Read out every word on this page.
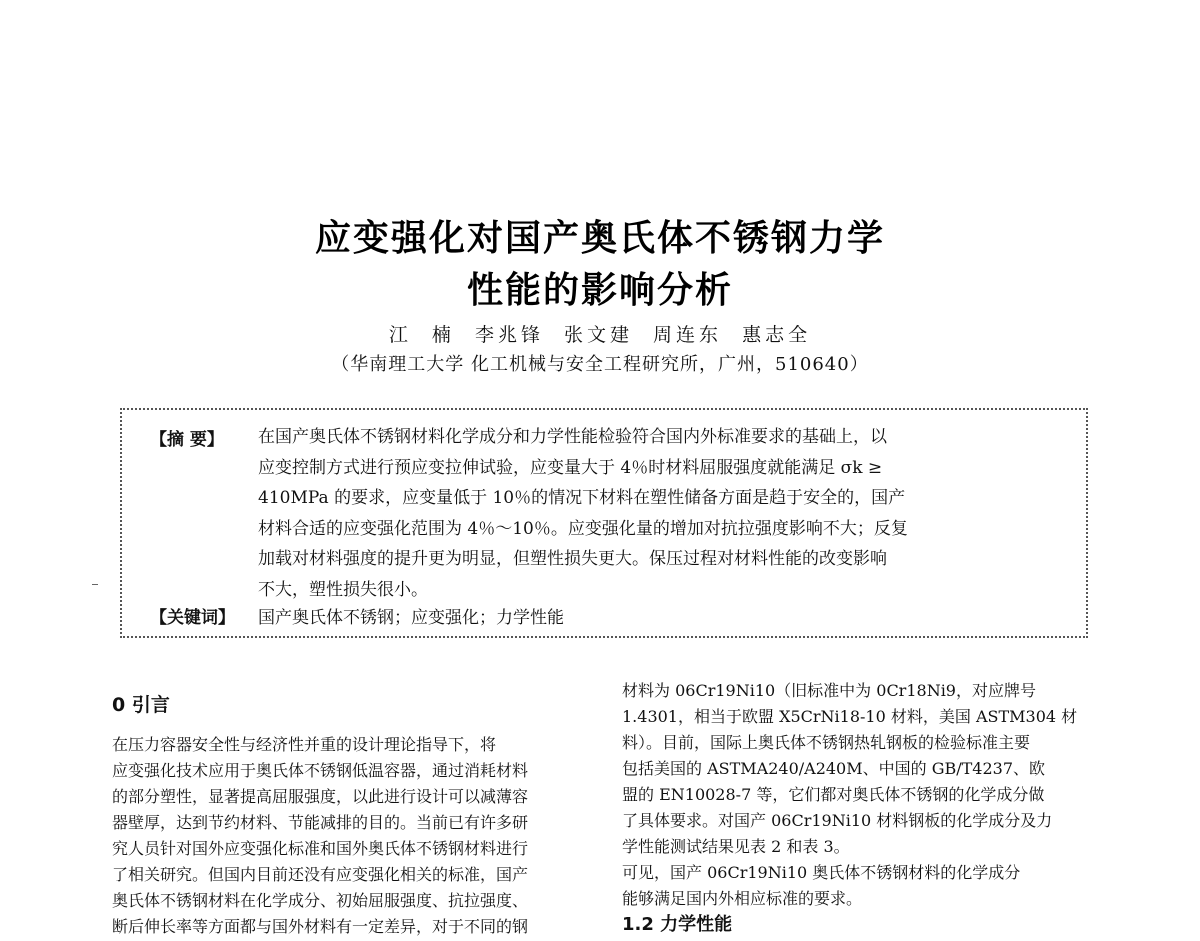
应变强化对国产奥氏体不锈钢力学
性能的影响分析
江 楠 李兆锋 张文建 周连东 惠志全
（华南理工大学 化工机械与安全工程研究所，广州，510640）
【摘 要】 在国产奥氏体不锈钢材料化学成分和力学性能检验符合国内外标准要求的基础上，以
应变控制方式进行预应变拉伸试验，应变量大于 4％时材料屈服强度就能满足 σk ≥
410MPa 的要求，应变量低于 10％的情况下材料在塑性储备方面是趋于安全的，国产
材料合适的应变强化范围为 4％～10％。应变强化量的增加对抗拉强度影响不大；反复
加载对材料强度的提升更为明显，但塑性损失更大。保压过程对材料性能的改变影响
不大，塑性损失很小。
【关键词】 国产奥氏体不锈钢；应变强化；力学性能
0 引言
在压力容器安全性与经济性并重的设计理论指导下，将
应变强化技术应用于奥氏体不锈钢低温容器，通过消耗材料
的部分塑性，显著提高屈服强度，以此进行设计可以减薄容
器壁厚，达到节约材料、节能减排的目的。当前已有许多研
究人员针对国外应变强化标准和国外奥氏体不锈钢材料进行
了相关研究。但国内目前还没有应变强化相关的标准，国产
奥氏体不锈钢材料在化学成分、初始屈服强度、抗拉强度、
断后伸长率等方面都与国外材料有一定差异，对于不同的钢
材料为 06Cr19Ni10（旧标准中为 0Cr18Ni9，对应牌号
1.4301，相当于欧盟 X5CrNi18-10 材料，美国 ASTM304 材
料）。目前，国际上奥氏体不锈钢热轧钢板的检验标准主要
包括美国的 ASTMA240/A240M、中国的 GB/T4237、欧
盟的 EN10028-7 等，它们都对奥氏体不锈钢的化学成分做
了具体要求。对国产 06Cr19Ni10 材料钢板的化学成分及力
学性能测试结果见表 2 和表 3。
可见，国产 06Cr19Ni10 奥氏体不锈钢材料的化学成分
能够满足国内外相应标准的要求。
1.2 力学性能
